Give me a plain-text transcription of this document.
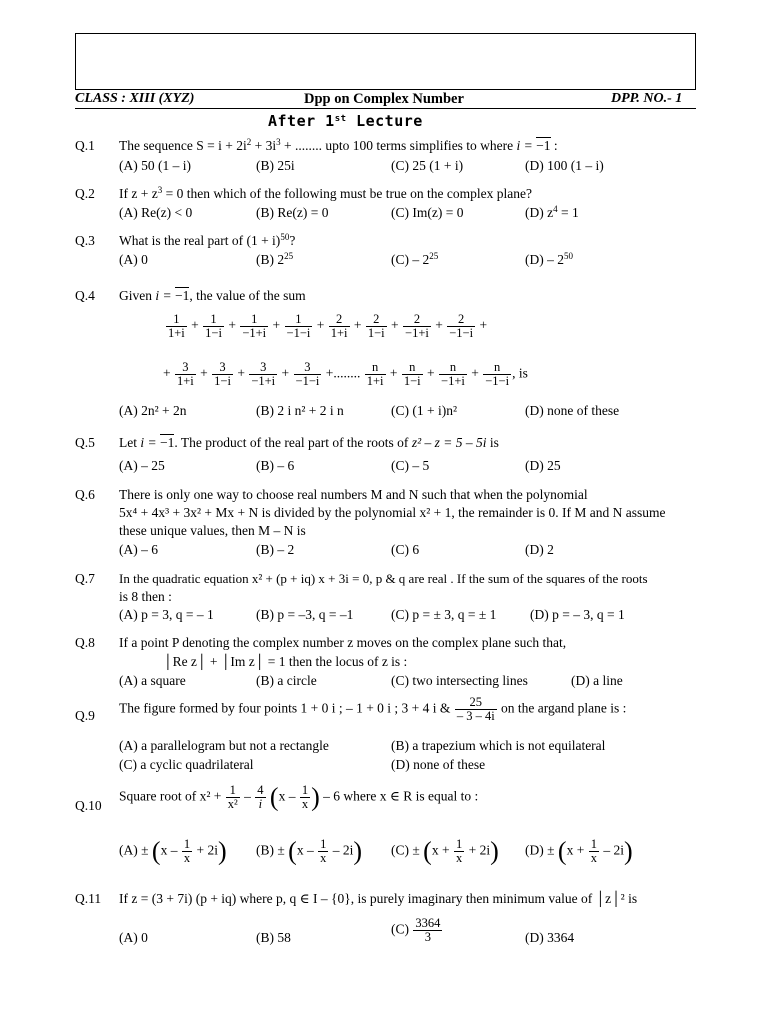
CLASS : XIII (XYZ)	Dpp on Complex Number	DPP. NO.- 1
After 1st Lecture
Q.1 The sequence $S = i + 2i^2 + 3i^3$ + ........ upto 100 terms simplifies to where i = −1 :
(A) 50 (1 – i)	(B) 25i	(C) 25 (1 + i)	(D) 100 (1 – i)
Q.2 If $z + z^3 = 0$ then which of the following must be true on the complex plane?
(A) Re(z) < 0	(B) Re(z) = 0	(C) Im(z) = 0	(D) $z^4 = 1$
Q.3 What is the real part of $(1 + i)^{50}$?
(A) 0	(B) $2^{25}$	$(C) - 2^{25}$	$(D) - 2^{50}$
Q.4 Given i = −1, the value of the sum
$\frac{1}{1+i} + \frac{1}{1-i} + \frac{1}{-1+i} + \frac{1}{-1-i} + \frac{2}{1+i} + \frac{2}{1-i} + \frac{2}{-1+i} + \frac{2}{-1-i}$ +
+ $\frac{3}{1+i} + \frac{3}{1-i} + \frac{3}{-1+i} + \frac{3}{-1-i}$ +........ $\frac{n}{1+i} + \frac{n}{1-i} + \frac{n}{-1+i} + \frac{n}{-1-i}$ , is
(A) 2n² + 2n	(B) 2 i n² + 2 i n	(C) (1 + i)n²	(D) none of these
Q.5 Let i = −1. The product of the real part of the roots of z² – z = 5 – 5i is
(A) – 25	(B) – 6	(C) – 5	(D) 25
Q.6 There is only one way to choose real numbers M and N such that when the polynomial
5x⁴ + 4x³ + 3x² + Mx + N is divided by the polynomial x² + 1, the remainder is 0. If M and N assume
these unique values, then M – N is
(A) – 6	(B) – 2	(C) 6	(D) 2
Q.7 In the quadratic equation x² + (p + iq) x + 3i = 0, p & q are real . If the sum of the squares of the roots
is 8 then :
(A) p = 3, q = – 1	(B) p = –3, q = –1	(C) p = ± 3, q = ± 1 (D) p = – 3, q = 1
Q.8 If a point P denoting the complex number z moves on the complex plane such that,
│Re z│ + │Im z│ = 1 then the locus of z is :
(A) a square	(B) a circle	(C) two intersecting lines	(D) a line
Q.9 The figure formed by four points 1 + 0 i ; – 1 + 0 i ; 3 + 4 i & $\frac{25}{- 3 - 4i}$ on the argand plane is :
(A) a parallelogram but not a rectangle	(B) a trapezium which is not equilateral
(C) a cyclic quadrilateral	(D) none of these
Q.10
Square root of $x^2 + \frac{1}{\text{x²}} - \frac{4}{i} (x - \frac{1}{x}$ ) – 6 where x ∈ R is equal to :
$(A) \pm (x - \frac{1}{x} + 2i)$ $(B) \pm (x - \frac{1}{x} - 2i)$ $(C) \pm (x + \frac{1}{x} + 2i)$ $(D) \pm (x + \frac{1}{x} - 2i)$
Q.11 If z = (3 + 7i) (p + iq) where p, q ∈ I – {0}, is purely imaginary then minimum value of │z│² is
(A) 0	(B) 58
$(C) \frac{3364}{3}$	(D) 3364
